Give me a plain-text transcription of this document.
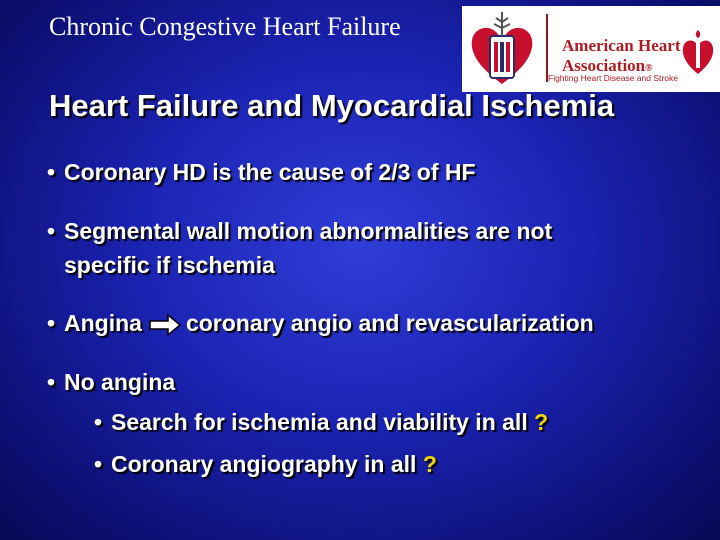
Chronic Congestive Heart Failure
American Heart
Association®
Fighting Heart Disease and Stroke
Heart Failure and Myocardial Ischemia
• Coronary HD is the cause of 2/3 of HF
• Segmental wall motion abnormalities are not
specific if ischemia
• Angina coronary angio and revascularization
• No angina
• Search for ischemia and viability in all ?
• Coronary angiography in all ?
